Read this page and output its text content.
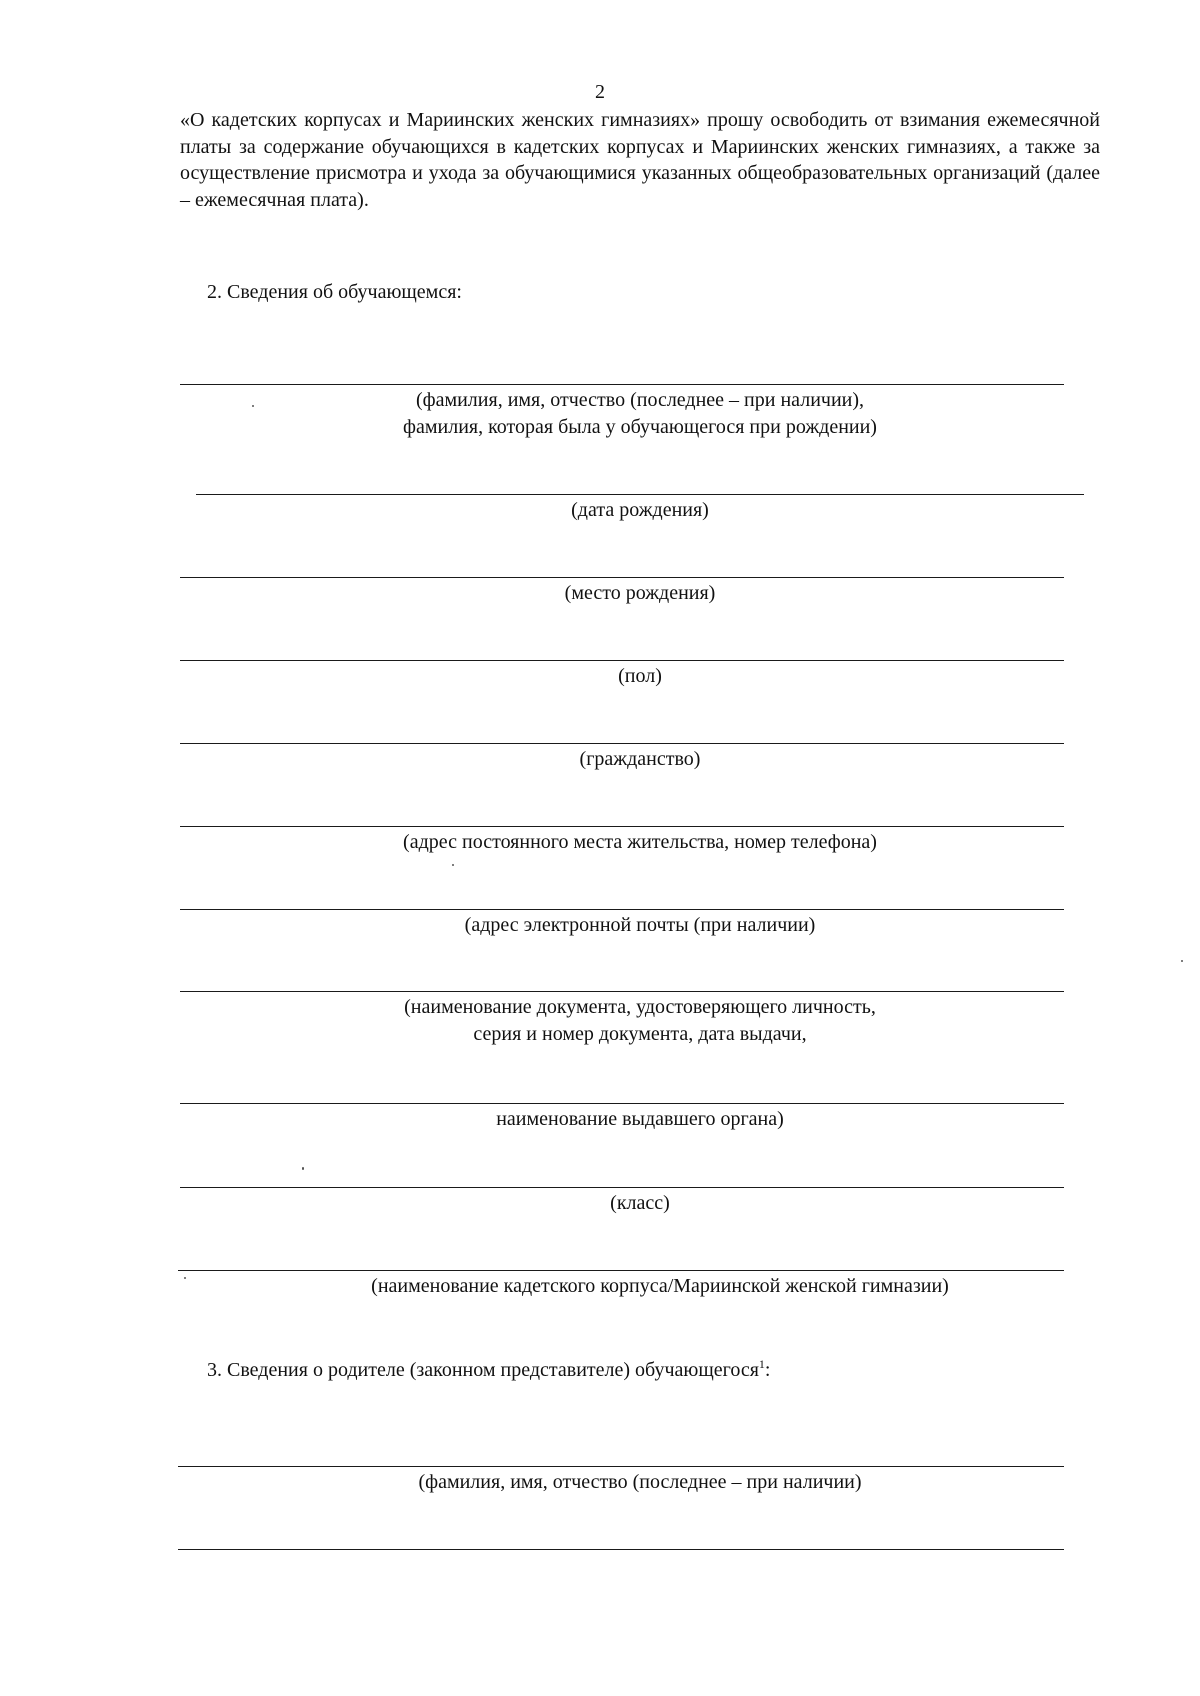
2
«О кадетских корпусах и Мариинских женских гимназиях» прошу освободить от взимания ежемесячной платы за содержание обучающихся в кадетских корпусах и Мариинских женских гимназиях, а также за осуществление присмотра и ухода за обучающимися указанных общеобразовательных организаций (далее – ежемесячная плата).
2. Сведения об обучающемся:
(фамилия, имя, отчество (последнее – при наличии),
фамилия, которая была у обучающегося при рождении)
(дата рождения)
(место рождения)
(пол)
(гражданство)
(адрес постоянного места жительства, номер телефона)
(адрес электронной почты (при наличии)
(наименование документа, удостоверяющего личность,
серия и номер документа, дата выдачи,
наименование выдавшего органа)
(класс)
(наименование кадетского корпуса/Мариинской женской гимназии)
3. Сведения о родителе (законном представителе) обучающегося$^1$:
(фамилия, имя, отчество (последнее – при наличии)
